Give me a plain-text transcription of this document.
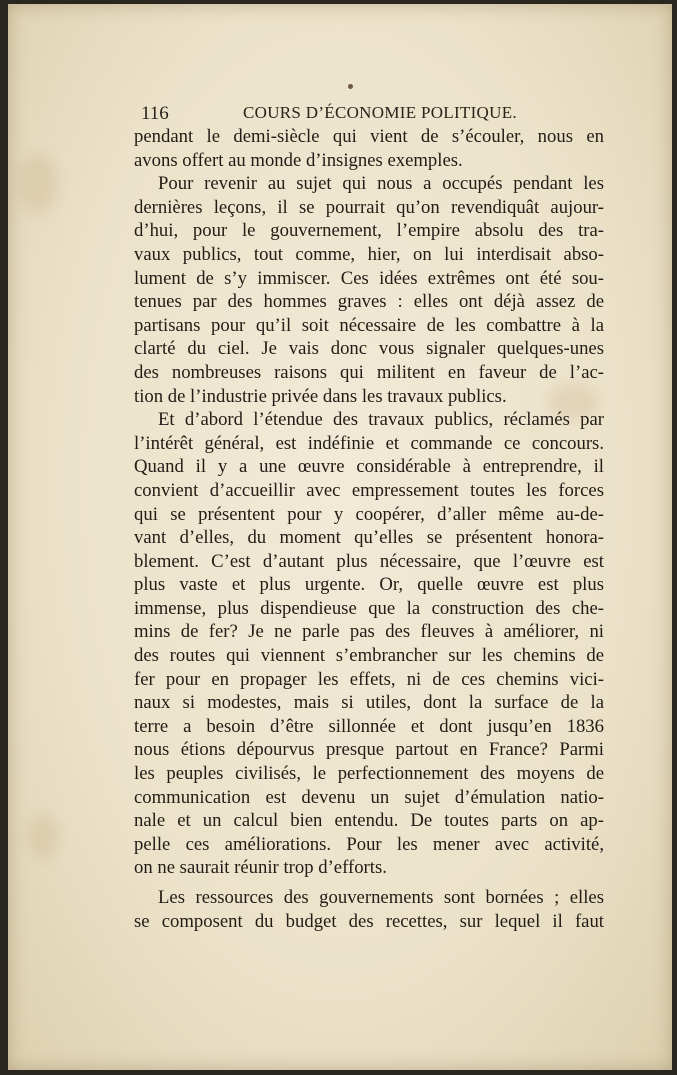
116	COURS D’ÉCONOMIE POLITIQUE.
pendant le demi-siècle qui vient de s’écouler, nous en
avons offert au monde d’insignes exemples.
Pour revenir au sujet qui nous a occupés pendant les
dernières leçons, il se pourrait qu’on revendiquât aujour-
d’hui, pour le gouvernement, l’empire absolu des tra-
vaux publics, tout comme, hier, on lui interdisait abso-
lument de s’y immiscer. Ces idées extrêmes ont été sou-
tenues par des hommes graves : elles ont déjà assez de
partisans pour qu’il soit nécessaire de les combattre à la
clarté du ciel. Je vais donc vous signaler quelques-unes
des nombreuses raisons qui militent en faveur de l’ac-
tion de l’industrie privée dans les travaux publics.
Et d’abord l’étendue des travaux publics, réclamés par
l’intérêt général, est indéfinie et commande ce concours.
Quand il y a une œuvre considérable à entreprendre, il
convient d’accueillir avec empressement toutes les forces
qui se présentent pour y coopérer, d’aller même au-de-
vant d’elles, du moment qu’elles se présentent honora-
blement. C’est d’autant plus nécessaire, que l’œuvre est
plus vaste et plus urgente. Or, quelle œuvre est plus
immense, plus dispendieuse que la construction des che-
mins de fer? Je ne parle pas des fleuves à améliorer, ni
des routes qui viennent s’embrancher sur les chemins de
fer pour en propager les effets, ni de ces chemins vici-
naux si modestes, mais si utiles, dont la surface de la
terre a besoin d’être sillonnée et dont jusqu’en 1836
nous étions dépourvus presque partout en France? Parmi
les peuples civilisés, le perfectionnement des moyens de
communication est devenu un sujet d’émulation natio-
nale et un calcul bien entendu. De toutes parts on ap-
pelle ces améliorations. Pour les mener avec activité,
on ne saurait réunir trop d’efforts.
Les ressources des gouvernements sont bornées ; elles
se composent du budget des recettes, sur lequel il faut
